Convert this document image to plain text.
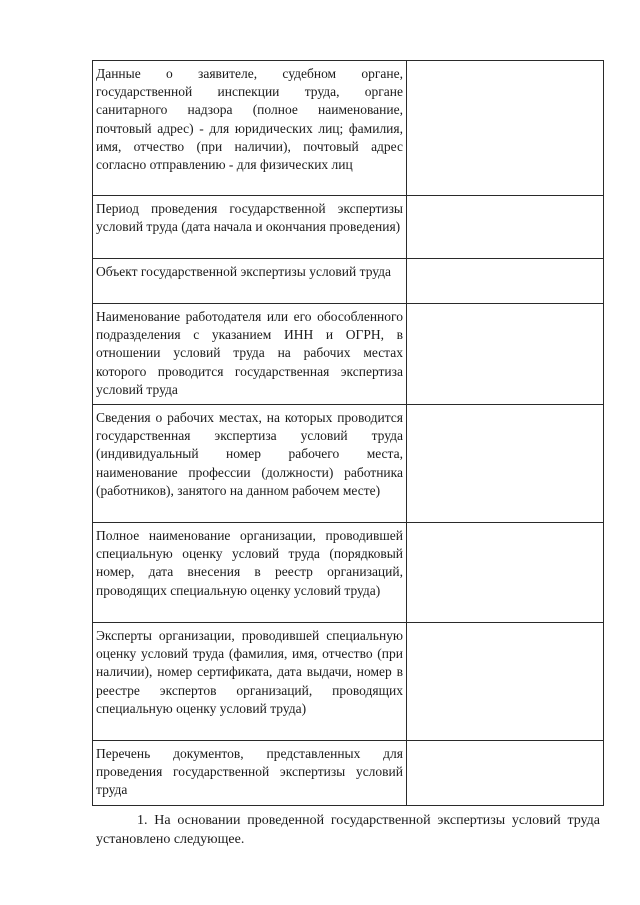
Данные о заявителе, судебном органе, государственной инспекции труда, органе санитарного надзора (полное наименование, почтовый адрес) - для юридических лиц; фамилия, имя, отчество (при наличии), почтовый адрес согласно отправлению - для физических лиц	
Период проведения государственной экспертизы условий труда (дата начала и окончания проведения)	
Объект государственной экспертизы условий труда	
Наименование работодателя или его обособленного подразделения с указанием ИНН и ОГРН, в отношении условий труда на рабочих местах которого проводится государственная экспертиза условий труда	
Сведения о рабочих местах, на которых проводится государственная экспертиза условий труда (индивидуальный номер рабочего места, наименование профессии (должности) работника (работников), занятого на данном рабочем месте)	
Полное наименование организации, проводившей специальную оценку условий труда (порядковый номер, дата внесения в реестр организаций, проводящих специальную оценку условий труда)	
Эксперты организации, проводившей специальную оценку условий труда (фамилия, имя, отчество (при наличии), номер сертификата, дата выдачи, номер в реестре экспертов организаций, проводящих специальную оценку условий труда)	
Перечень документов, представленных для проведения государственной экспертизы условий труда	

1. На основании проведенной государственной экспертизы условий труда установлено следующее.
